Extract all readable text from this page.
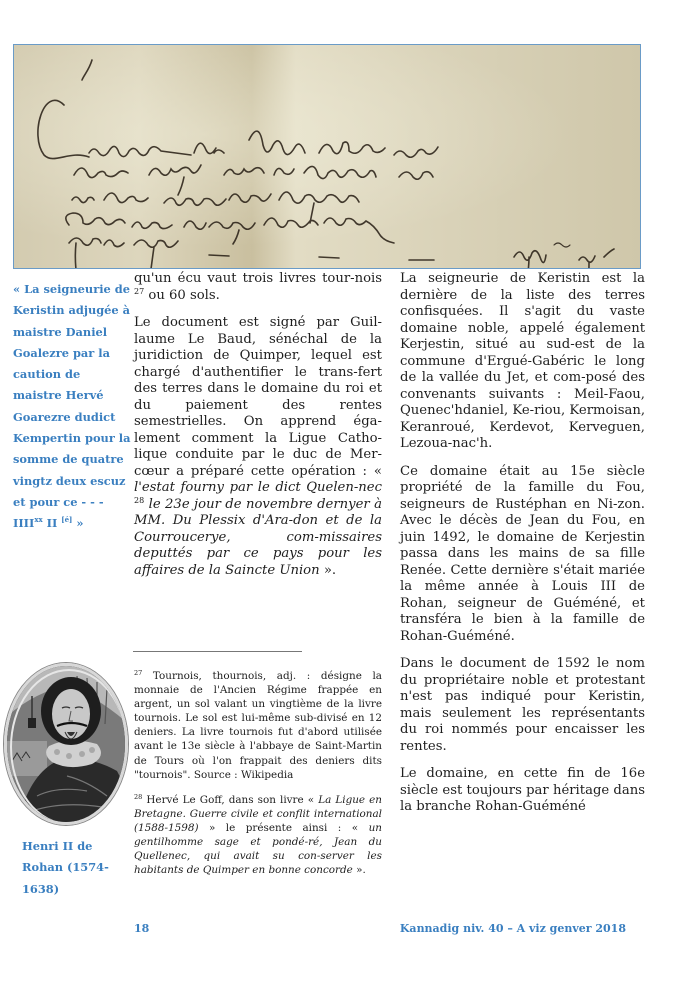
« La seigneurie de Keristin adjugée à maistre Daniel Goalezre par la caution de maistre Hervé Goarezre dudict Kempertin pour la somme de quatre vingtz deux escuz et pour ce - - - IIII$^{xx}$ II [é] »

qu'un écu vaut trois livres tour-nois $^{27}$ ou 60 sols.

Le document est signé par Guil-laume Le Baud, sénéchal de la juridiction de Quimper, lequel est chargé d'authentifier le trans-fert des terres dans le domaine du roi et du paiement des rentes semestrielles. On apprend éga-lement comment la Ligue Catho-lique conduite par le duc de Mer-cœur a préparé cette opération : « l'estat fourny par le dict Quelen-nec $^{28}$ le 23e jour de novembre dernyer à MM. Du Plessix d'Ara-don et de la Courrouceryе, com-missaires deputtés par ce pays pour les affaires de la Saincte Union ».

$^{27}$ Tournois, thournois, adj. : désigne la monnaie de l'Ancien Régime frappée en argent, un sol valant un vingtième de la livre tournois. Le sol est lui-même sub-divisé en 12 deniers. La livre tournois fut d'abord utilisée avant le 13e siècle à l'abbaye de Saint-Martin de Tours où l'on frappait des deniers dits "tournois". Source : Wikipedia

$^{28}$ Hervé Le Goff, dans son livre « La Ligue en Bretagne. Guerre civile et conflit international (1588-1598) » le présente ainsi : « un gentilhomme sage et pondé-ré, Jean du Quellenec, qui avait su con-server les habitants de Quimper en bonne concorde ».

La seigneurie de Keristin est la dernière de la liste des terres confisquées. Il s'agit du vaste domaine noble, appelé également Kerjestin, situé au sud-est de la commune d'Ergué-Gabéric le long de la vallée du Jet, et com-posé des convenants suivants : Meil-Faou, Quenec'hdaniel, Ke-riou, Kermoisan, Keranroué, Kerdevot, Kerveguen, Lezoua-nac'h.

Ce domaine était au 15e siècle propriété de la famille du Fou, seigneurs de Rustéphan en Ni-zon. Avec le décès de Jean du Fou, en juin 1492, le domaine de Kerjestin passa dans les mains de sa fille Renée. Cette dernière s'était mariée la même année à Louis III de Rohan, seigneur de Guéméné, et transféra le bien à la famille de Rohan-Guéméné.

Dans le document de 1592 le nom du propriétaire noble et protestant n'est pas indiqué pour Keristin, mais seulement les représentants du roi nommés pour encaisser les rentes.

Le domaine, en cette fin de 16e siècle est toujours par héritage dans la branche Rohan-Guéméné

Henri II de Rohan (1574-1638)
18	Kannadig niv. 40 – A viz genver 2018
